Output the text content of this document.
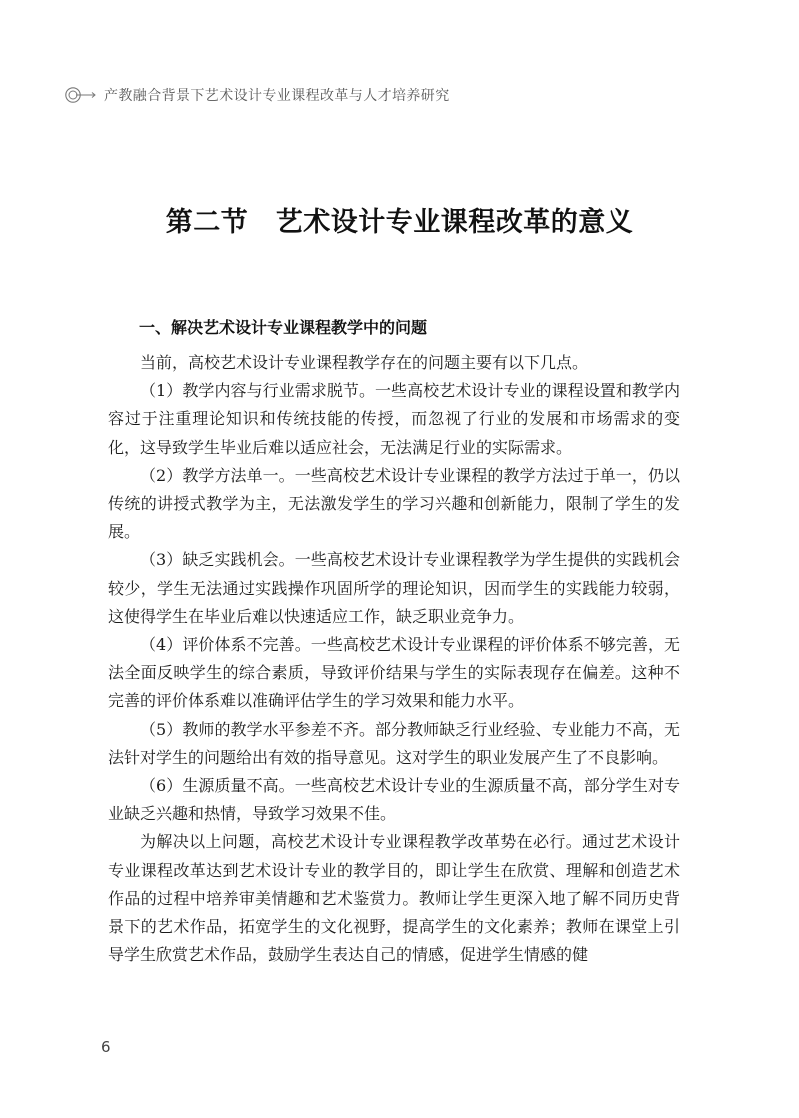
产教融合背景下艺术设计专业课程改革与人才培养研究
第二节　艺术设计专业课程改革的意义
一、解决艺术设计专业课程教学中的问题

当前，高校艺术设计专业课程教学存在的问题主要有以下几点。

（1）教学内容与行业需求脱节。一些高校艺术设计专业的课程设置和教学内容过于注重理论知识和传统技能的传授，而忽视了行业的发展和市场需求的变化，这导致学生毕业后难以适应社会，无法满足行业的实际需求。

（2）教学方法单一。一些高校艺术设计专业课程的教学方法过于单一，仍以传统的讲授式教学为主，无法激发学生的学习兴趣和创新能力，限制了学生的发展。

（3）缺乏实践机会。一些高校艺术设计专业课程教学为学生提供的实践机会较少，学生无法通过实践操作巩固所学的理论知识，因而学生的实践能力较弱，这使得学生在毕业后难以快速适应工作，缺乏职业竞争力。

（4）评价体系不完善。一些高校艺术设计专业课程的评价体系不够完善，无法全面反映学生的综合素质，导致评价结果与学生的实际表现存在偏差。这种不完善的评价体系难以准确评估学生的学习效果和能力水平。

（5）教师的教学水平参差不齐。部分教师缺乏行业经验、专业能力不高，无法针对学生的问题给出有效的指导意见。这对学生的职业发展产生了不良影响。

（6）生源质量不高。一些高校艺术设计专业的生源质量不高，部分学生对专业缺乏兴趣和热情，导致学习效果不佳。

为解决以上问题，高校艺术设计专业课程教学改革势在必行。通过艺术设计专业课程改革达到艺术设计专业的教学目的，即让学生在欣赏、理解和创造艺术作品的过程中培养审美情趣和艺术鉴赏力。教师让学生更深入地了解不同历史背景下的艺术作品，拓宽学生的文化视野，提高学生的文化素养；教师在课堂上引导学生欣赏艺术作品，鼓励学生表达自己的情感，促进学生情感的健

6
